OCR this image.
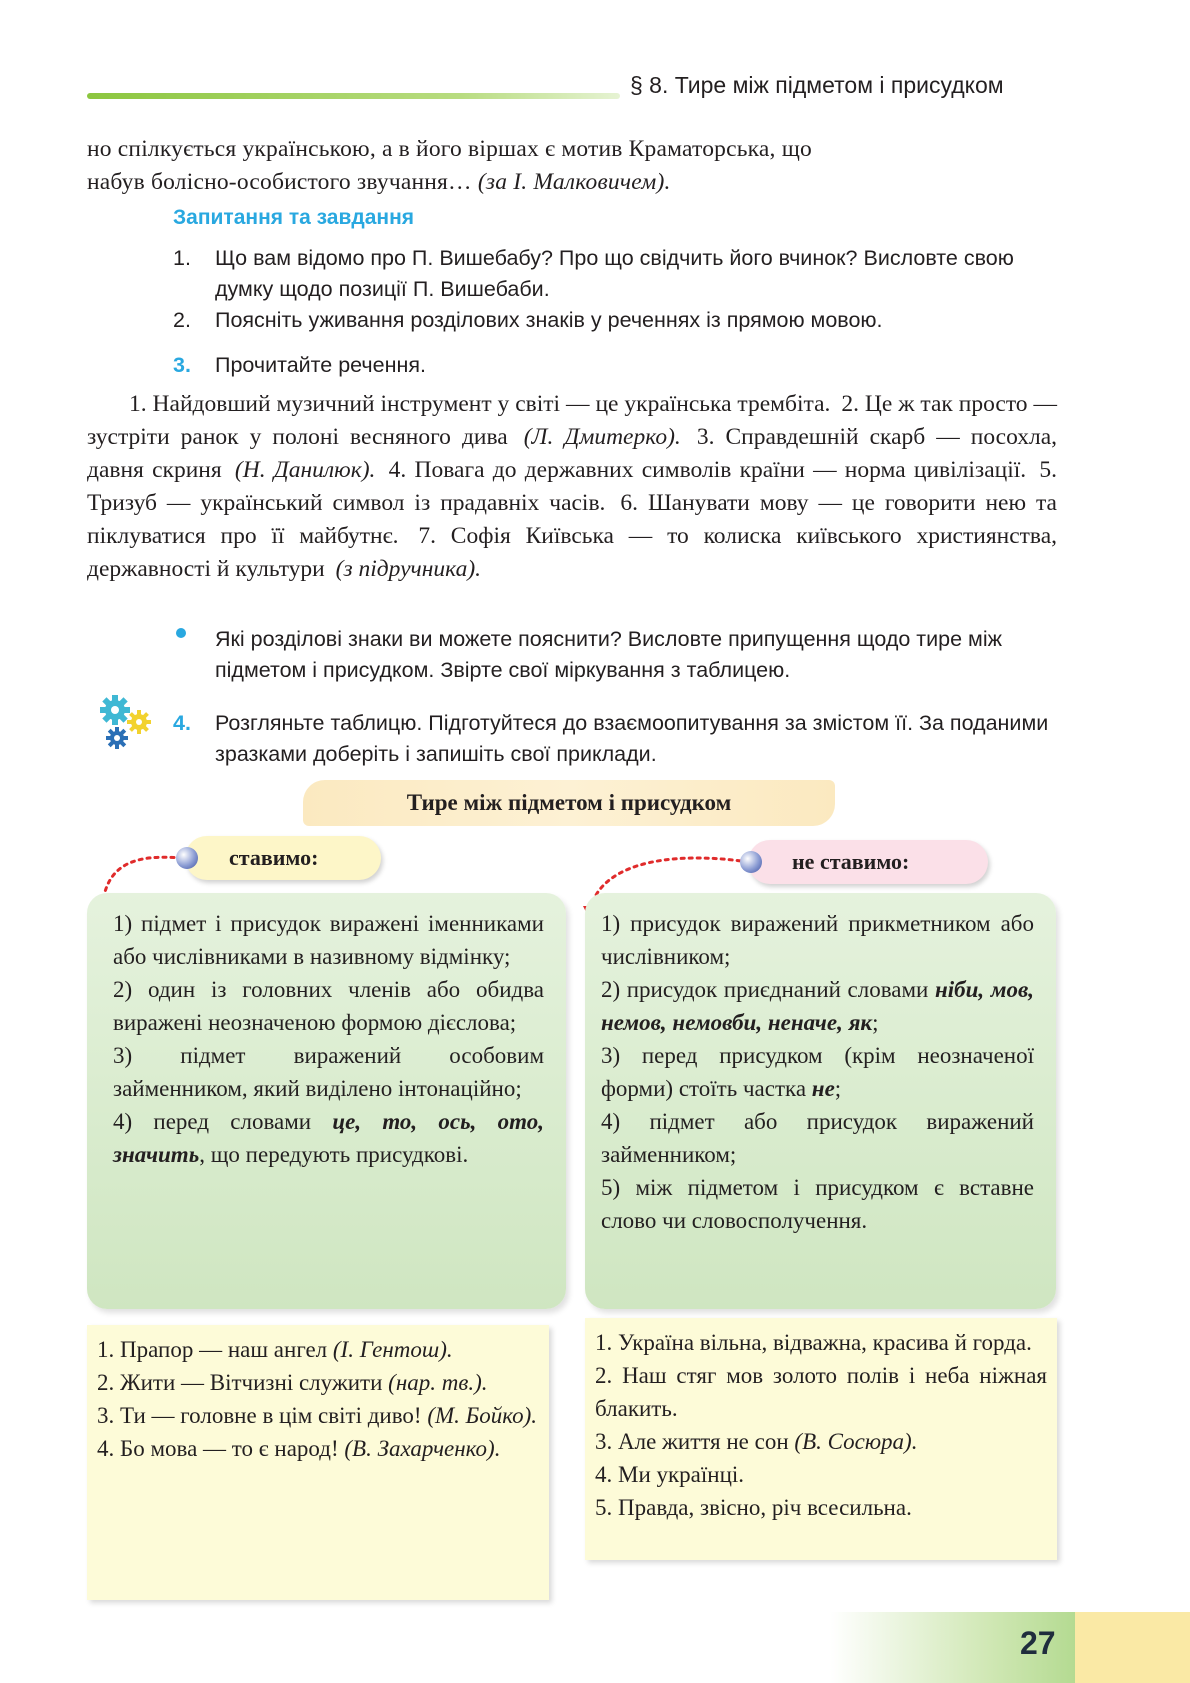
§ 8. Тире між підметом і присудком
но спілкується українською, а в його віршах є мотив Краматорська, що
набув болісно-особистого звучання… (за І. Малковичем).
Запитання та завдання
1.	Що вам відомо про П. Вишебабу? Про що свідчить його вчинок? Висловте свою думку щодо позиції П. Вишебаби.
2.	Поясніть уживання розділових знаків у реченнях із прямою мовою.
3.	Прочитайте речення.
1. Найдовший музичний інструмент у світі — це українська трембіта. 2. Це ж так просто — зустріти ранок у полоні весняного дива (Л. Дмитерко). 3. Справдешній скарб — посохла, давня скриня (Н. Данилюк). 4. Повага до державних символів країни — норма цивілізації. 5. Тризуб — український символ із прадавніх часів. 6. Шанувати мову — це говорити нею та піклуватися про її майбутнє. 7. Софія Київська — то колиска київського християнства, державності й культури (з підручника).
Які розділові знаки ви можете пояснити? Висловте припущення щодо тире між підметом і присудком. Звірте свої міркування з таблицею.
4.	Розгляньте таблицю. Підготуйтеся до взаємоопитування за змістом її. За поданими зразками доберіть і запишіть свої приклади.
Тире між підметом і присудком
ставимо:	не ставимо:

1) підмет і присудок виражені іменниками або числівниками в називному відмінку;

2) один із головних членів або обидва виражені неозначеною формою дієслова;

3) підмет виражений особовим займенником, який виділено інтонаційно;

4) перед словами це, то, ось, ото, значить, що передують присудкові.

1) присудок виражений прикметником або числівником;

2) присудок приєднаний словами ніби, мов, немов, немовби, неначе, як;

3) перед присудком (крім неозначеної форми) стоїть частка не;

4) підмет або присудок виражений займенником;

5) між підметом і присудком є вставне слово чи словосполучення.

1. Прапор — наш ангел (І. Гентош).

2. Жити — Вітчизні служити (нар. тв.).

3. Ти — головне в цім світі диво! (М. Бойко).

4. Бо мова — то є народ! (В. Захарченко).

1. Україна вільна, відважна, красива й горда.

2. Наш стяг мов золото полів і неба ніжная блакить.

3. Але життя не сон (В. Сосюра).

4. Ми українці.

5. Правда, звісно, річ всесильна.

27
